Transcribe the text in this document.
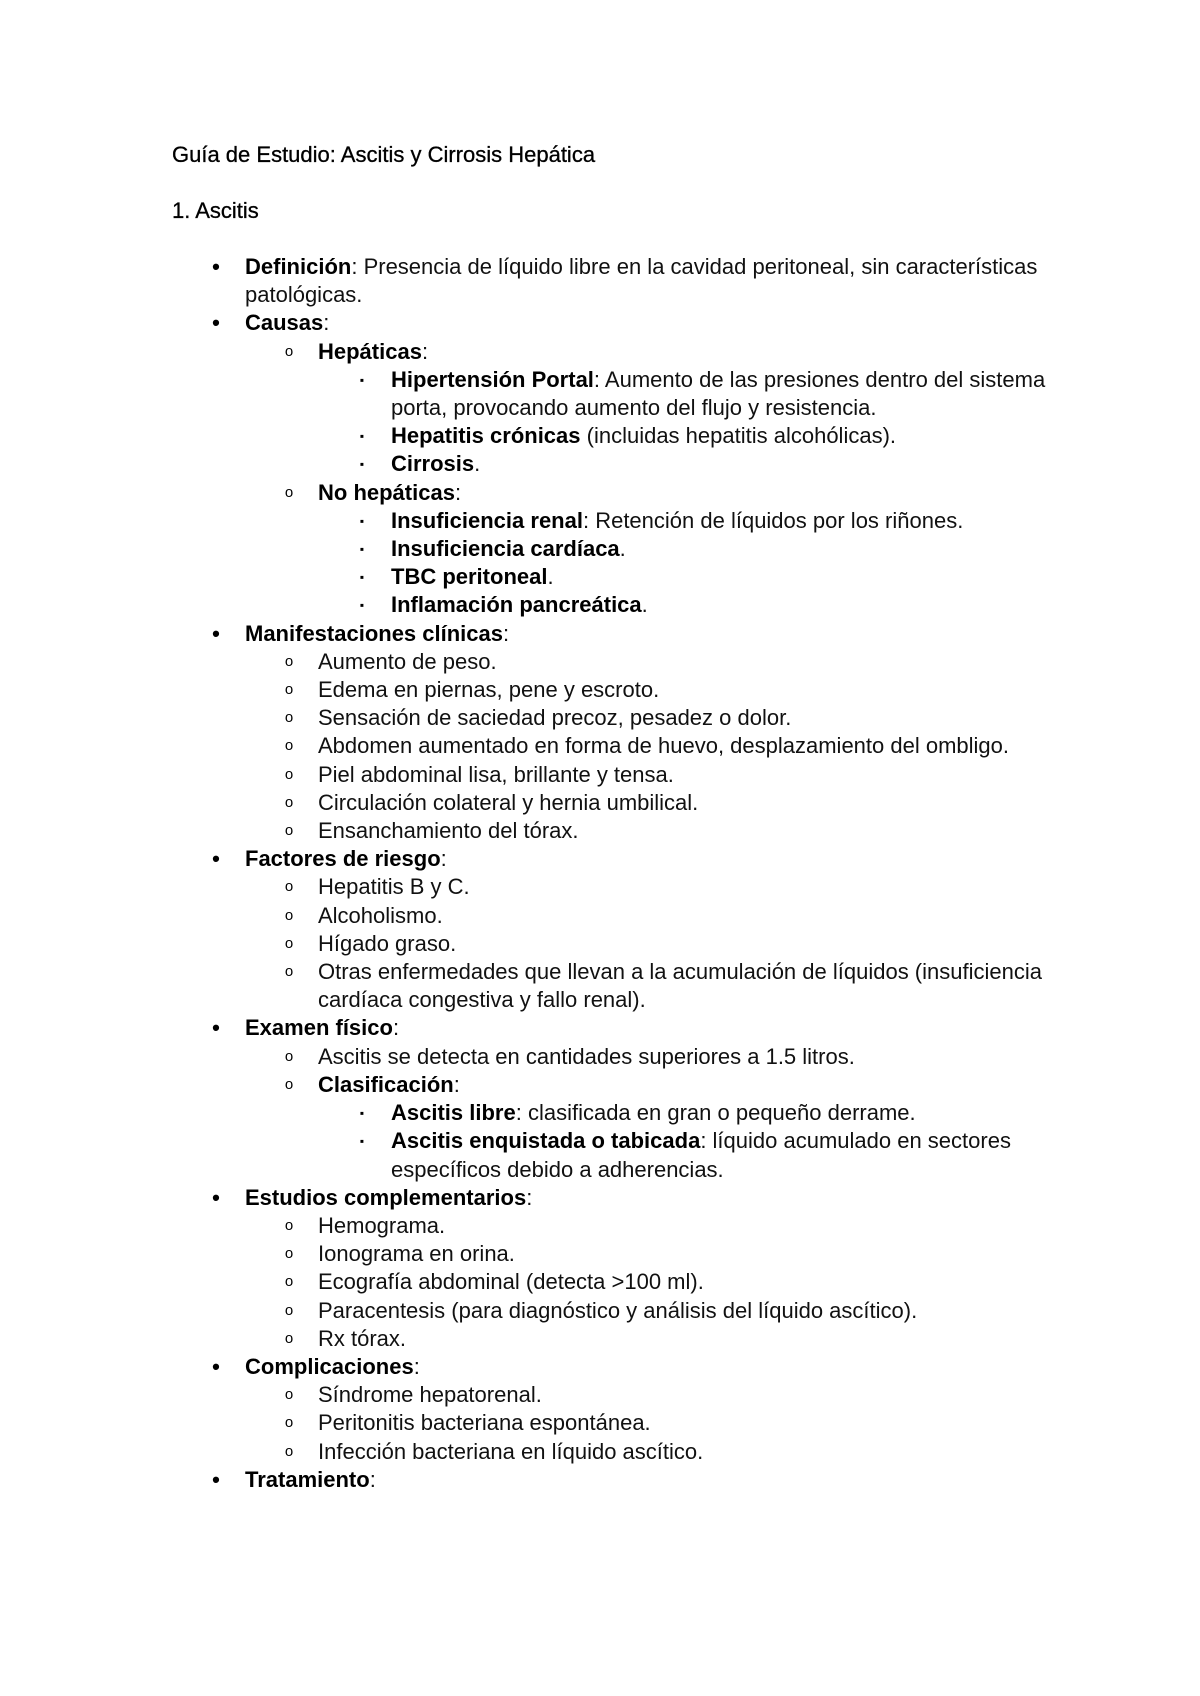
Guía de Estudio: Ascitis y Cirrosis Hepática
1. Ascitis
• Definición: Presencia de líquido libre en la cavidad peritoneal, sin características patológicas.
• Causas:
o Hepáticas:
▪	Hipertensión Portal: Aumento de las presiones dentro del sistema porta, provocando aumento del flujo y resistencia.
▪	Hepatitis crónicas (incluidas hepatitis alcohólicas).
▪	Cirrosis.
o No hepáticas:
▪	Insuficiencia renal: Retención de líquidos por los riñones.
▪	Insuficiencia cardíaca.
▪	TBC peritoneal.
▪	Inflamación pancreática.
• Manifestaciones clínicas:
o Aumento de peso.
o Edema en piernas, pene y escroto.
o Sensación de saciedad precoz, pesadez o dolor.
o Abdomen aumentado en forma de huevo, desplazamiento del ombligo.
o Piel abdominal lisa, brillante y tensa.
o Circulación colateral y hernia umbilical.
o Ensanchamiento del tórax.
• Factores de riesgo:
o Hepatitis B y C.
o Alcoholismo.
o Hígado graso.
o Otras enfermedades que llevan a la acumulación de líquidos (insuficiencia cardíaca congestiva y fallo renal).
• Examen físico:
o Ascitis se detecta en cantidades superiores a 1.5 litros.
o Clasificación:
▪	Ascitis libre: clasificada en gran o pequeño derrame.
▪	Ascitis enquistada o tabicada: líquido acumulado en sectores específicos debido a adherencias.
• Estudios complementarios:
o Hemograma.
o Ionograma en orina.
o Ecografía abdominal (detecta >100 ml).
o Paracentesis (para diagnóstico y análisis del líquido ascítico).
o Rx tórax.
• Complicaciones:
o Síndrome hepatorenal.
o Peritonitis bacteriana espontánea.
o Infección bacteriana en líquido ascítico.
• Tratamiento:
